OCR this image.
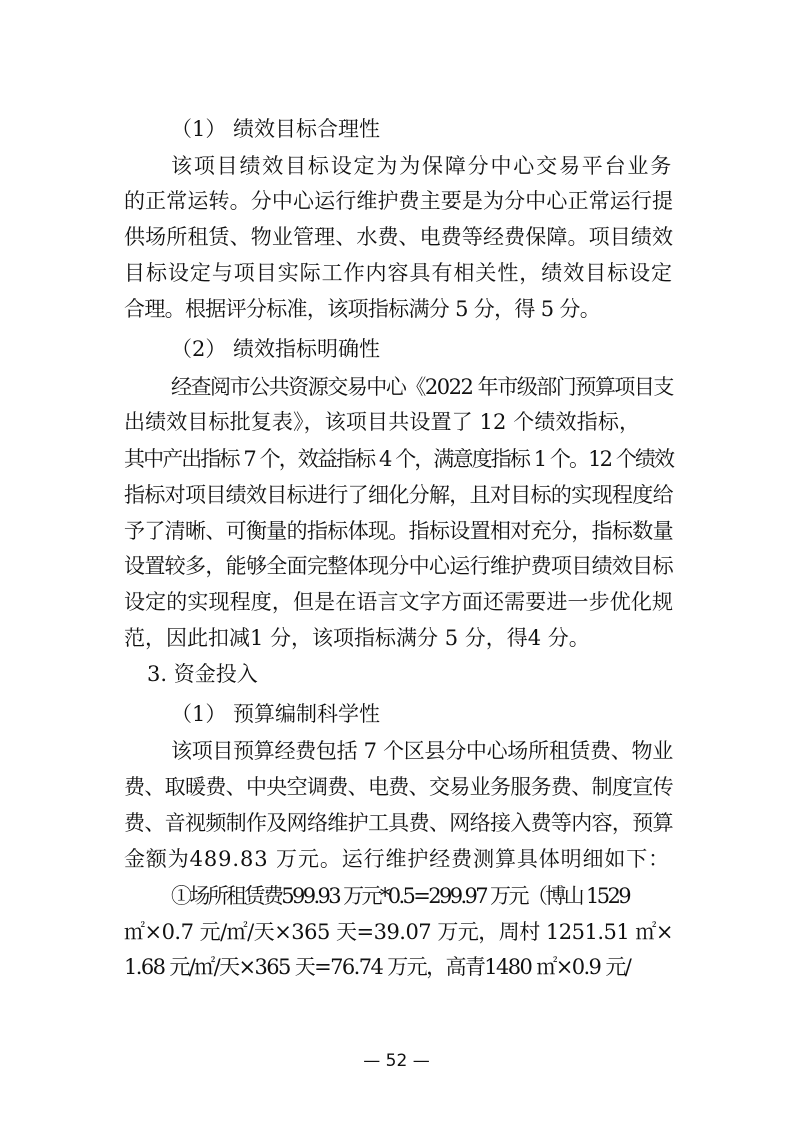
（1） 绩效目标合理性
该项目绩效目标设定为为保障分中心交易平台业务
的正常运转。分中心运行维护费主要是为分中心正常运行提
供场所租赁、物业管理、水费、电费等经费保障。项目绩效
目标设定与项目实际工作内容具有相关性，绩效目标设定
合理。根据评分标准，该项指标满分 5 分，得 5 分。
（2） 绩效指标明确性
经查阅市公共资源交易中心《2022 年市级部门预算项目支
出绩效目标批复表》，该项目共设置了 12 个绩效指标，
其中产出指标 7 个，效益指标 4 个，满意度指标 1 个。12 个绩效
指标对项目绩效目标进行了细化分解，且对目标的实现程度给
予了清晰、可衡量的指标体现。指标设置相对充分，指标数量
设置较多，能够全面完整体现分中心运行维护费项目绩效目标
设定的实现程度，但是在语言文字方面还需要进一步优化规
范，因此扣减1 分，该项指标满分 5 分，得4 分。
3. 资金投入
（1） 预算编制科学性
该项目预算经费包括 7 个区县分中心场所租赁费、物业
费、取暖费、中央空调费、电费、交易业务服务费、制度宣传
费、音视频制作及网络维护工具费、网络接入费等内容，预算
金额为489.83 万元。运行维护经费测算具体明细如下：
①场所租赁费599.93 万元*0.5=299.97 万元（博山 1529
㎡×0.7 元/㎡/天×365 天=39.07 万元，周村 1251.51 ㎡×
1.68 元/㎡/天×365 天=76.74 万元，高青1480 ㎡×0.9 元/
— 52 —
